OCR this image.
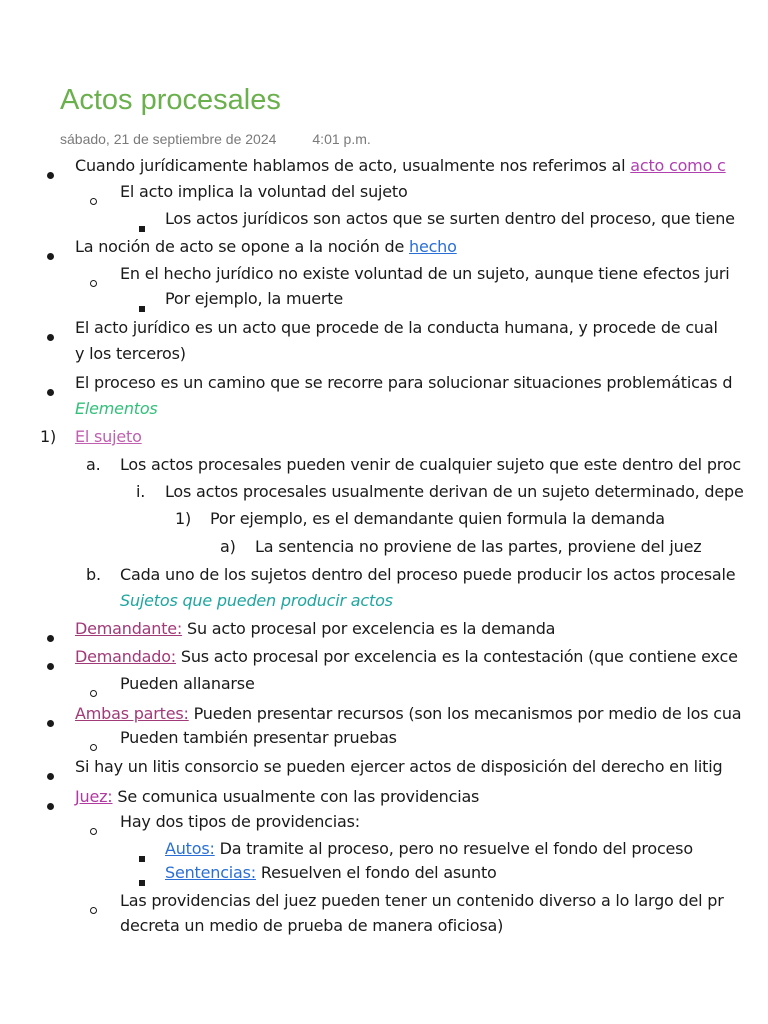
Actos procesales
sábado, 21 de septiembre de 2024	4:01 p.m.
Cuando jurídicamente hablamos de acto, usualmente nos referimos al acto como c
El acto implica la voluntad del sujeto
Los actos jurídicos son actos que se surten dentro del proceso, que tiene
La noción de acto se opone a la noción de hecho
En el hecho jurídico no existe voluntad de un sujeto, aunque tiene efectos juri
Por ejemplo, la muerte
El acto jurídico es un acto que procede de la conducta humana, y procede de cual
y los terceros)
El proceso es un camino que se recorre para solucionar situaciones problemáticas d
Elementos
1) El sujeto
a. Los actos procesales pueden venir de cualquier sujeto que este dentro del proc
i. Los actos procesales usualmente derivan de un sujeto determinado, depe
1) Por ejemplo, es el demandante quien formula la demanda
a) La sentencia no proviene de las partes, proviene del juez
b. Cada uno de los sujetos dentro del proceso puede producir los actos procesale
Sujetos que pueden producir actos
Demandante: Su acto procesal por excelencia es la demanda
Demandado: Sus acto procesal por excelencia es la contestación (que contiene exce
Pueden allanarse
Ambas partes: Pueden presentar recursos (son los mecanismos por medio de los cua
Pueden también presentar pruebas
Si hay un litis consorcio se pueden ejercer actos de disposición del derecho en litig
Juez: Se comunica usualmente con las providencias
Hay dos tipos de providencias:
Autos: Da tramite al proceso, pero no resuelve el fondo del proceso
Sentencias: Resuelven el fondo del asunto
Las providencias del juez pueden tener un contenido diverso a lo largo del pr
decreta un medio de prueba de manera oficiosa)
